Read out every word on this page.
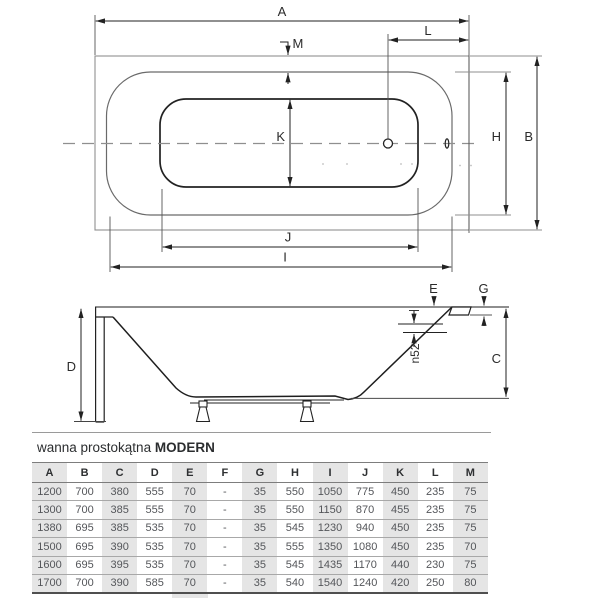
A
L
M
K	H B
J
I
E	G
D
C
n52
wanna prostokątna MODERN
A	B	C	D	E	F	G	H	I	J	K	L	M
1200	700	380	555	70	-	35	550	1050	775	450	235	75
1300	700	385	555	70	-	35	550	1150	870	455	235	75
1380	695	385	535	70	-	35	545	1230	940	450	235	75
1500	695	390	535	70	-	35	555	1350	1080	450	235	70
1600	695	395	535	70	-	35	545	1435	1170	440	230	75
1700	700	390	585	70	-	35	540	1540	1240	420	250	80
